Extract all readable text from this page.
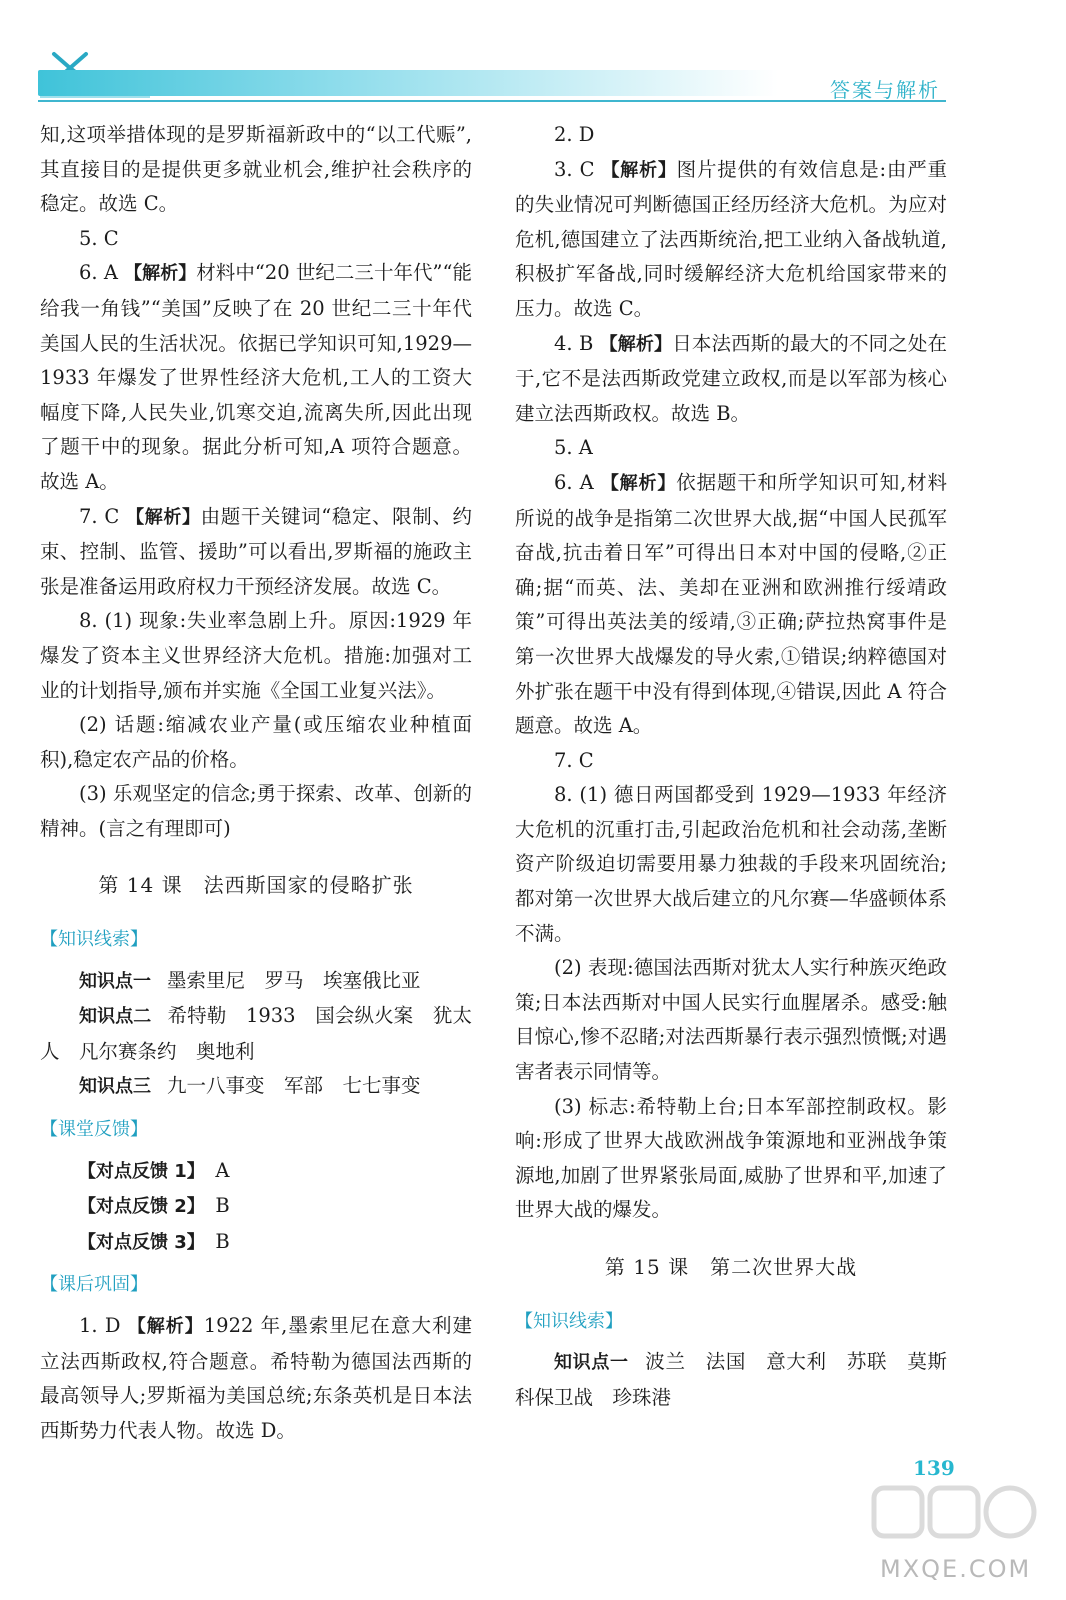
答案与解析

知,这项举措体现的是罗斯福新政中的“以工代赈”,其直接目的是提供更多就业机会,维护社会秩序的稳定。故选 C。

5. C

6. A 【解析】材料中“20 世纪二三十年代”“能给我一角钱”“美国”反映了在 20 世纪二三十年代美国人民的生活状况。依据已学知识可知,1929—1933 年爆发了世界性经济大危机,工人的工资大幅度下降,人民失业,饥寒交迫,流离失所,因此出现了题干中的现象。据此分析可知,A 项符合题意。故选 A。

7. C 【解析】由题干关键词“稳定、限制、约束、控制、监管、援助”可以看出,罗斯福的施政主张是准备运用政府权力干预经济发展。故选 C。

8. (1) 现象:失业率急剧上升。原因:1929 年爆发了资本主义世界经济大危机。措施:加强对工业的计划指导,颁布并实施《全国工业复兴法》。

(2) 话题:缩减农业产量(或压缩农业种植面积),稳定农产品的价格。

(3) 乐观坚定的信念;勇于探索、改革、创新的精神。(言之有理即可)

第 14 课　法西斯国家的侵略扩张

【知识线索】

知识点一 墨索里尼　罗马　埃塞俄比亚

知识点二 希特勒　1933　国会纵火案　犹太人　凡尔赛条约　奥地利

知识点三 九一八事变　军部　七七事变

【课堂反馈】

【对点反馈 1】　 A

【对点反馈 2】　 B

【对点反馈 3】　 B

【课后巩固】

1. D 【解析】1922 年,墨索里尼在意大利建立法西斯政权,符合题意。希特勒为德国法西斯的最高领导人;罗斯福为美国总统;东条英机是日本法西斯势力代表人物。故选 D。

2. D

3. C 【解析】图片提供的有效信息是:由严重的失业情况可判断德国正经历经济大危机。为应对危机,德国建立了法西斯统治,把工业纳入备战轨道,积极扩军备战,同时缓解经济大危机给国家带来的压力。故选 C。

4. B 【解析】日本法西斯的最大的不同之处在于,它不是法西斯政党建立政权,而是以军部为核心建立法西斯政权。故选 B。

5. A

6. A 【解析】依据题干和所学知识可知,材料所说的战争是指第二次世界大战,据“中国人民孤军奋战,抗击着日军”可得出日本对中国的侵略,②正确;据“而英、法、美却在亚洲和欧洲推行绥靖政策”可得出英法美的绥靖,③正确;萨拉热窝事件是第一次世界大战爆发的导火索,①错误;纳粹德国对外扩张在题干中没有得到体现,④错误,因此 A 符合题意。故选 A。

7. C

8. (1) 德日两国都受到 1929—1933 年经济大危机的沉重打击,引起政治危机和社会动荡,垄断资产阶级迫切需要用暴力独裁的手段来巩固统治;都对第一次世界大战后建立的凡尔赛—华盛顿体系不满。

(2) 表现:德国法西斯对犹太人实行种族灭绝政策;日本法西斯对中国人民实行血腥屠杀。感受:触目惊心,惨不忍睹;对法西斯暴行表示强烈愤慨;对遇害者表示同情等。

(3) 标志:希特勒上台;日本军部控制政权。影响:形成了世界大战欧洲战争策源地和亚洲战争策源地,加剧了世界紧张局面,威胁了世界和平,加速了世界大战的爆发。

第 15 课　第二次世界大战

【知识线索】

知识点一 波兰　法国　意大利　苏联　莫斯科保卫战　珍珠港

139
MXQE.COM
